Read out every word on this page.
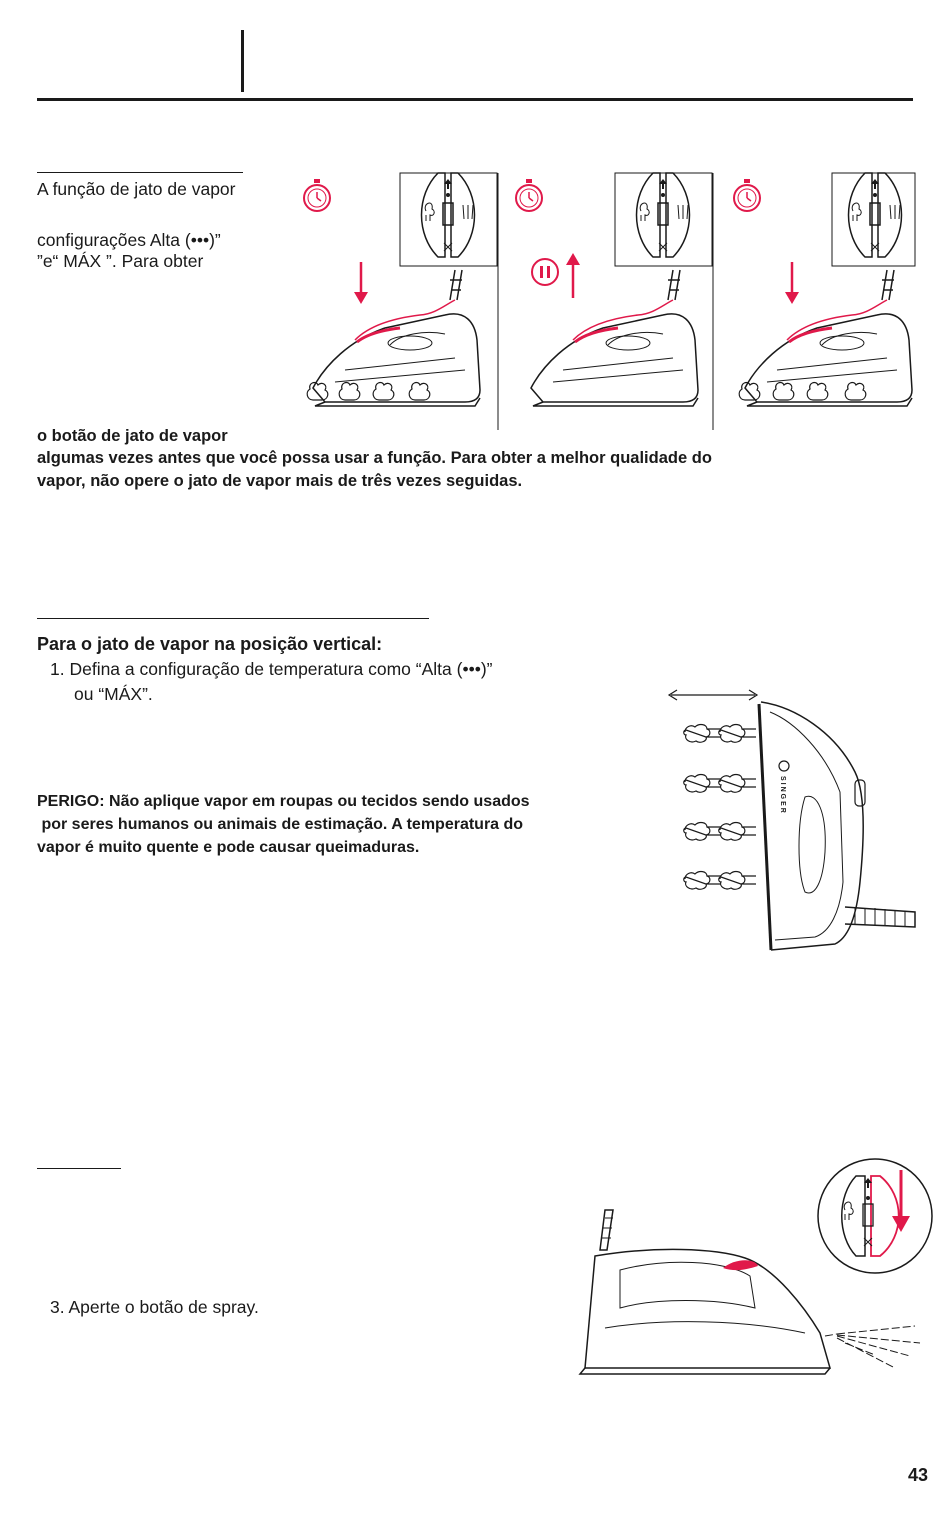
A função de jato de vapor
configurações Alta (•••)”
”e“ MÁX ”. Para obter
o botão de jato de vapor
algumas vezes antes que você possa usar a função. Para obter a melhor qualidade do
vapor, não opere o jato de vapor mais de três vezes seguidas.
Para o jato de vapor na posição vertical:
1. Defina a configuração de temperatura como “Alta (•••)”
ou “MÁX”.
PERIGO: Não aplique vapor em roupas ou tecidos sendo usados
por seres humanos ou animais de estimação. A temperatura do
vapor é muito quente e pode causar queimaduras.
SINGER
3. Aperte o botão de spray.
43
